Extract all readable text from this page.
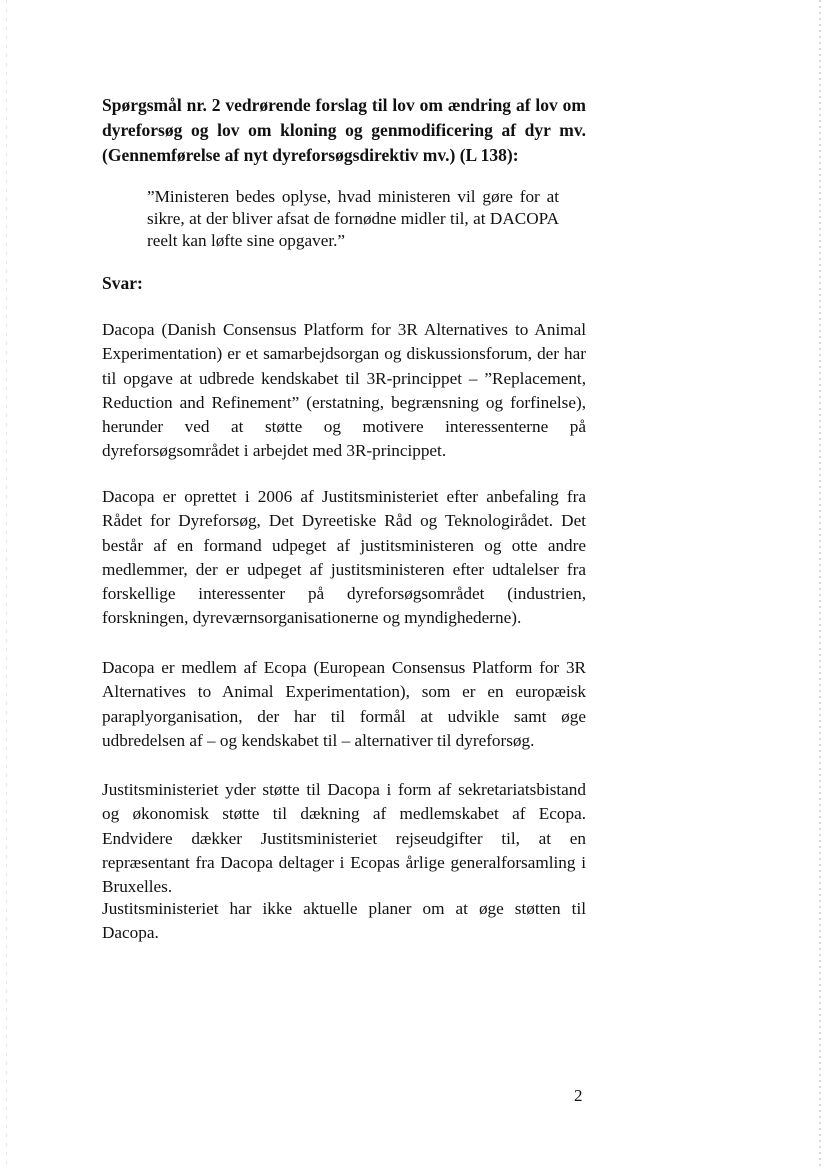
Spørgsmål nr. 2 vedrørende forslag til lov om ændring af lov om dyreforsøg og lov om kloning og genmodificering af dyr mv. (Gennemførelse af nyt dyreforsøgsdirektiv mv.) (L 138):

”Ministeren bedes oplyse, hvad ministeren vil gøre for at sikre, at der bliver afsat de fornødne midler til, at DACOPA reelt kan løfte sine opgaver.”

Svar:

Dacopa (Danish Consensus Platform for 3R Alternatives to Animal Experimentation) er et samarbejdsorgan og diskussionsforum, der har til opgave at udbrede kendskabet til 3R-princippet – ”Replacement, Reduction and Refinement” (erstatning, begrænsning og forfinelse), herunder ved at støtte og motivere interessenterne på dyreforsøgsområdet i arbejdet med 3R-princippet.

Dacopa er oprettet i 2006 af Justitsministeriet efter anbefaling fra Rådet for Dyreforsøg, Det Dyreetiske Råd og Teknologirådet. Det består af en formand udpeget af justitsministeren og otte andre medlemmer, der er udpeget af justitsministeren efter udtalelser fra forskellige interessenter på dyreforsøgsområdet (industrien, forskningen, dyreværnsorganisationerne og myndighederne).

Dacopa er medlem af Ecopa (European Consensus Platform for 3R Alternatives to Animal Experimentation), som er en europæisk paraplyorganisation, der har til formål at udvikle samt øge udbredelsen af – og kendskabet til – alternativer til dyreforsøg.

Justitsministeriet yder støtte til Dacopa i form af sekretariatsbistand og økonomisk støtte til dækning af medlemskabet af Ecopa. Endvidere dækker Justitsministeriet rejseudgifter til, at en repræsentant fra Dacopa deltager i Ecopas årlige generalforsamling i Bruxelles.

Justitsministeriet har ikke aktuelle planer om at øge støtten til Dacopa.

2
